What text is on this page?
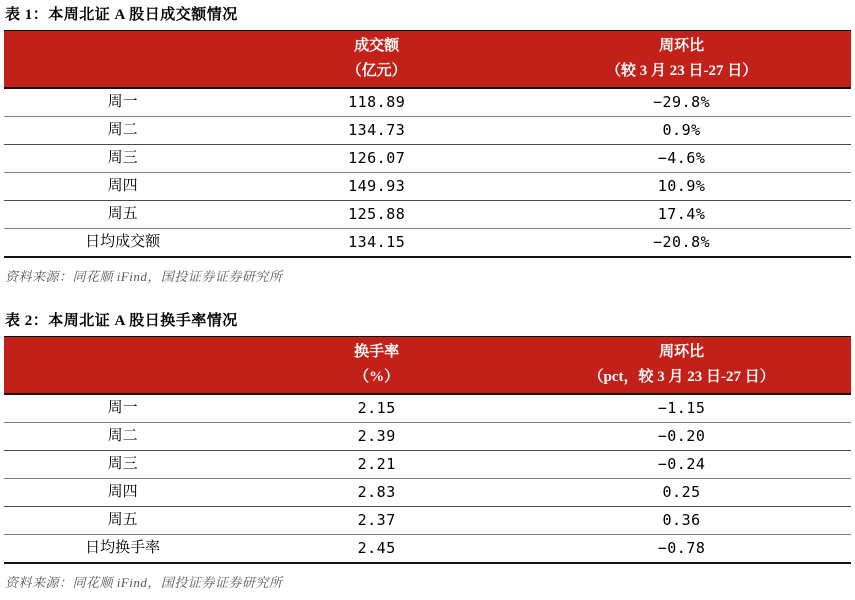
表 1：本周北证 A 股日成交额情况
成交额
（亿元）
周环比
（较 3 月 23 日-27 日）
周一	118.89	−29.8%
周二	134.73	0.9%
周三	126.07	−4.6%
周四	149.93	10.9%
周五	125.88	17.4%
日均成交额	134.15	−20.8%
资料来源：同花顺 iFind，国投证券证券研究所
表 2：本周北证 A 股日换手率情况
换手率
（%）
周环比
（pct，较 3 月 23 日-27 日）
周一	2.15	−1.15
周二	2.39	−0.20
周三	2.21	−0.24
周四	2.83	0.25
周五	2.37	0.36
日均换手率	2.45	−0.78
资料来源：同花顺 iFind，国投证券证券研究所
